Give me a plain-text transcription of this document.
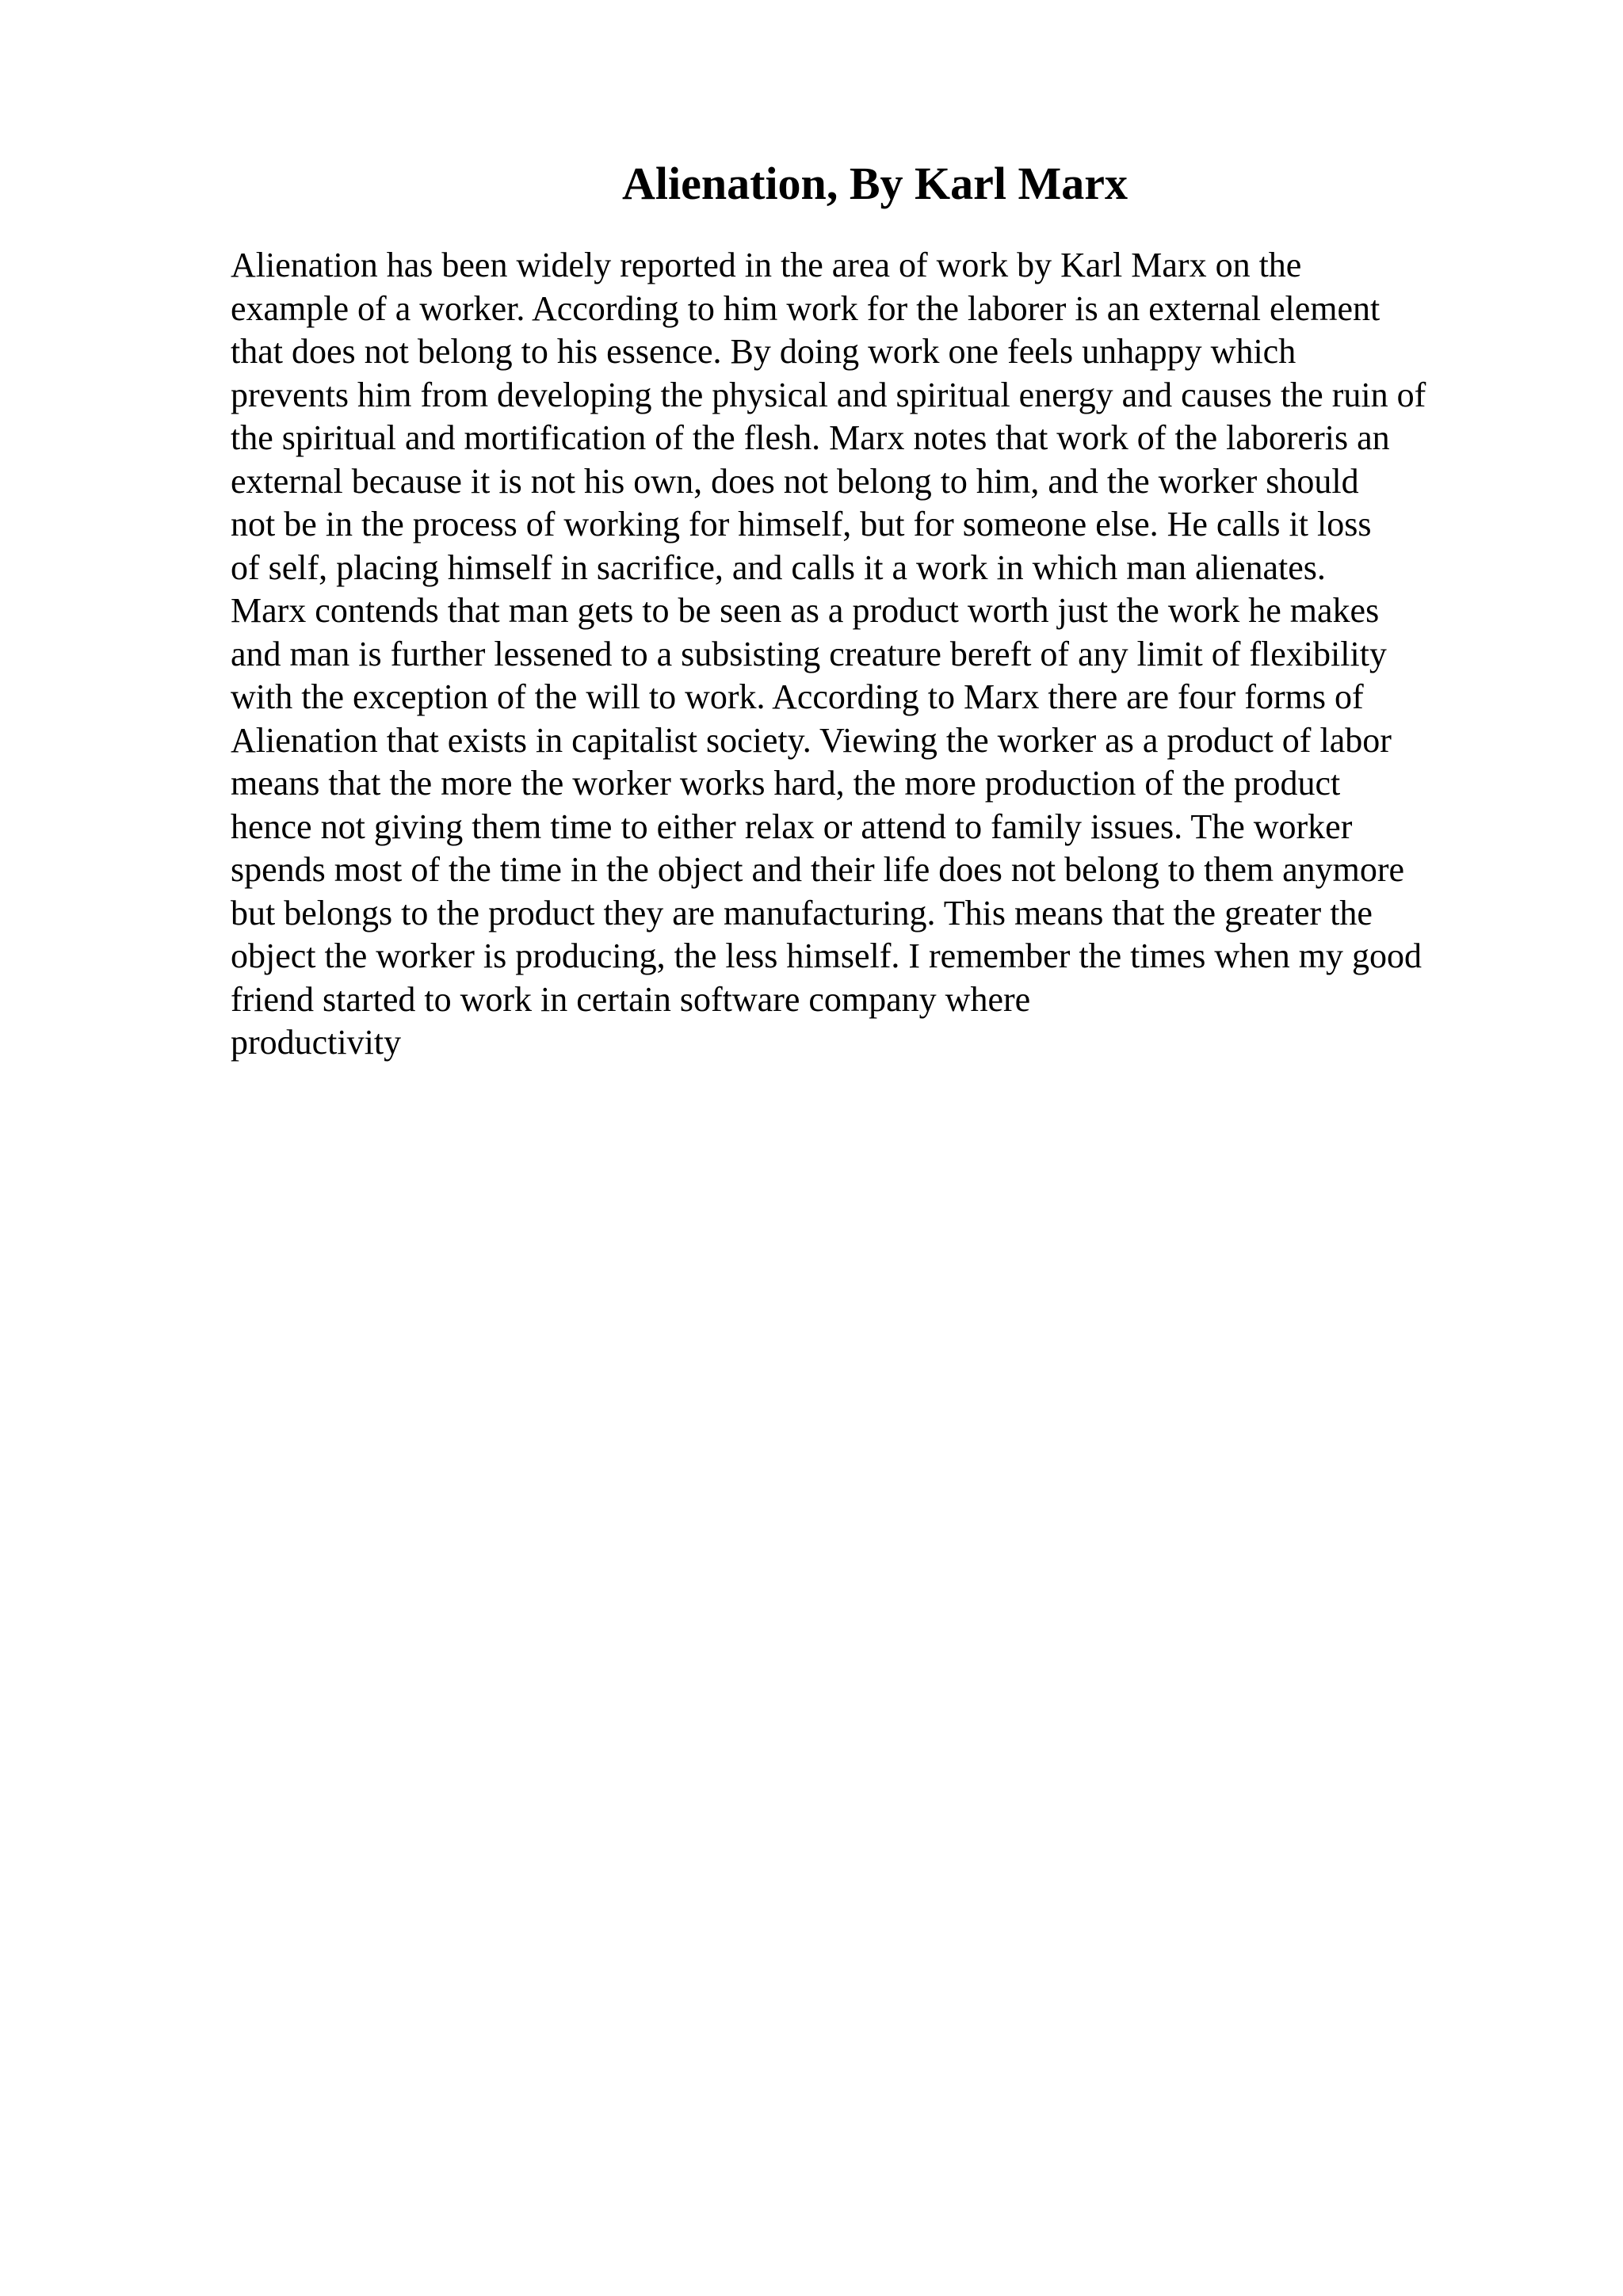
Alienation, By Karl Marx
Alienation has been widely reported in the area of work by Karl Marx on the
example of a worker. According to him work for the laborer is an external element
that does not belong to his essence. By doing work one feels unhappy which
prevents him from developing the physical and spiritual energy and causes the ruin of
the spiritual and mortification of the flesh. Marx notes that work of the laboreris an
external because it is not his own, does not belong to him, and the worker should
not be in the process of working for himself, but for someone else. He calls it loss
of self, placing himself in sacrifice, and calls it a work in which man alienates.
Marx contends that man gets to be seen as a product worth just the work he makes
and man is further lessened to a subsisting creature bereft of any limit of flexibility
with the exception of the will to work. According to Marx there are four forms of
Alienation that exists in capitalist society. Viewing the worker as a product of labor
means that the more the worker works hard, the more production of the product
hence not giving them time to either relax or attend to family issues. The worker
spends most of the time in the object and their life does not belong to them anymore
but belongs to the product they are manufacturing. This means that the greater the
object the worker is producing, the less himself. I remember the times when my good
friend started to work in certain software company where
productivity
